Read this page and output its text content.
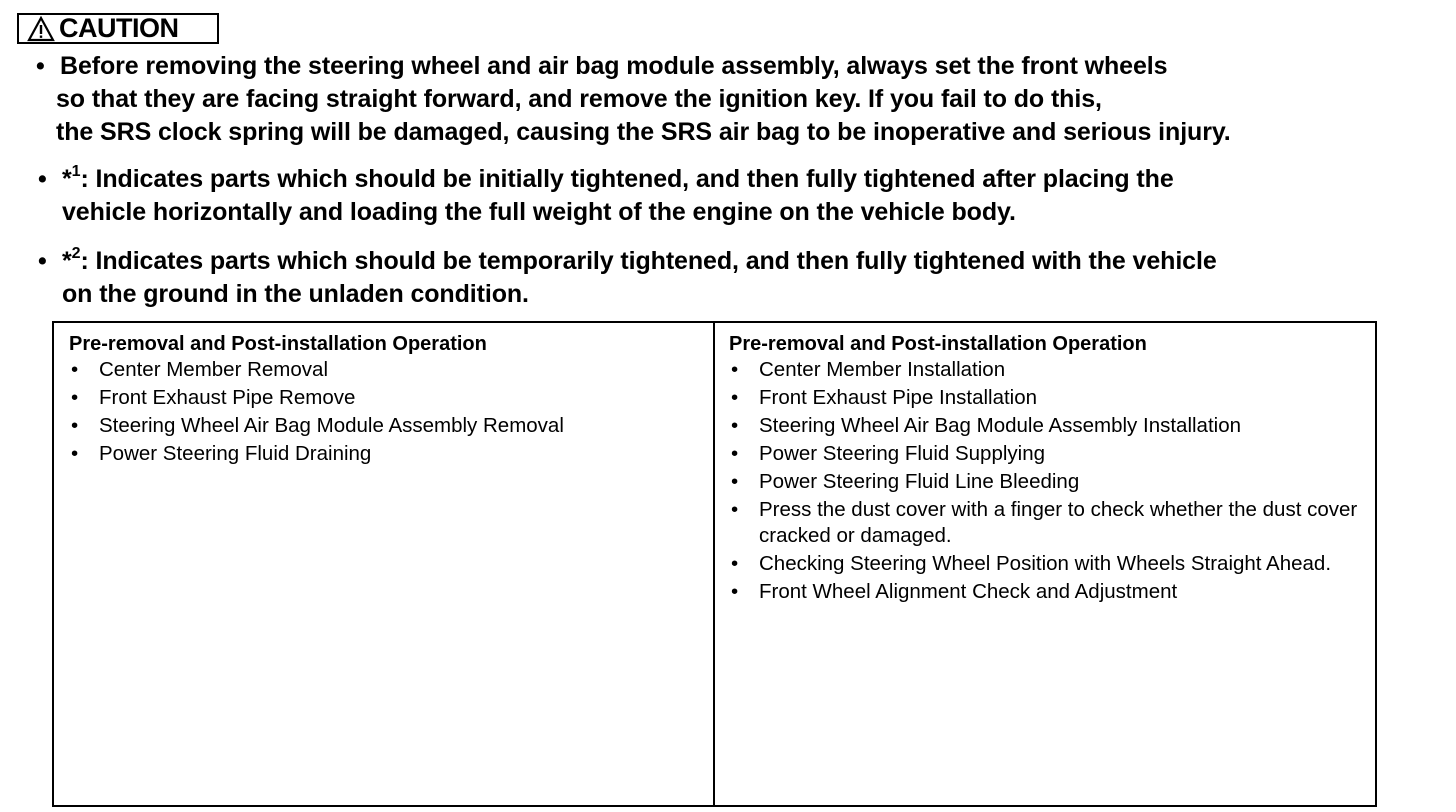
CAUTION
• Before removing the steering wheel and air bag module assembly, always set the front wheels
so that they are facing straight forward, and remove the ignition key. If you fail to do this,
the SRS clock spring will be damaged, causing the SRS air bag to be inoperative and serious injury.
• *$^1$: Indicates parts which should be initially tightened, and then fully tightened after placing the
vehicle horizontally and loading the full weight of the engine on the vehicle body.
• *$^2$: Indicates parts which should be temporarily tightened, and then fully tightened with the vehicle
on the ground in the unladen condition.
Pre-removal and Post-installation Operation
• Center Member Removal
• Front Exhaust Pipe Remove
• Steering Wheel Air Bag Module Assembly Removal
• Power Steering Fluid Draining
Pre-removal and Post-installation Operation
• Center Member Installation
• Front Exhaust Pipe Installation
• Steering Wheel Air Bag Module Assembly Installation
• Power Steering Fluid Supplying
• Power Steering Fluid Line Bleeding
• Press the dust cover with a finger to check whether the dust cover cracked or damaged.
• Checking Steering Wheel Position with Wheels Straight Ahead.
• Front Wheel Alignment Check and Adjustment
